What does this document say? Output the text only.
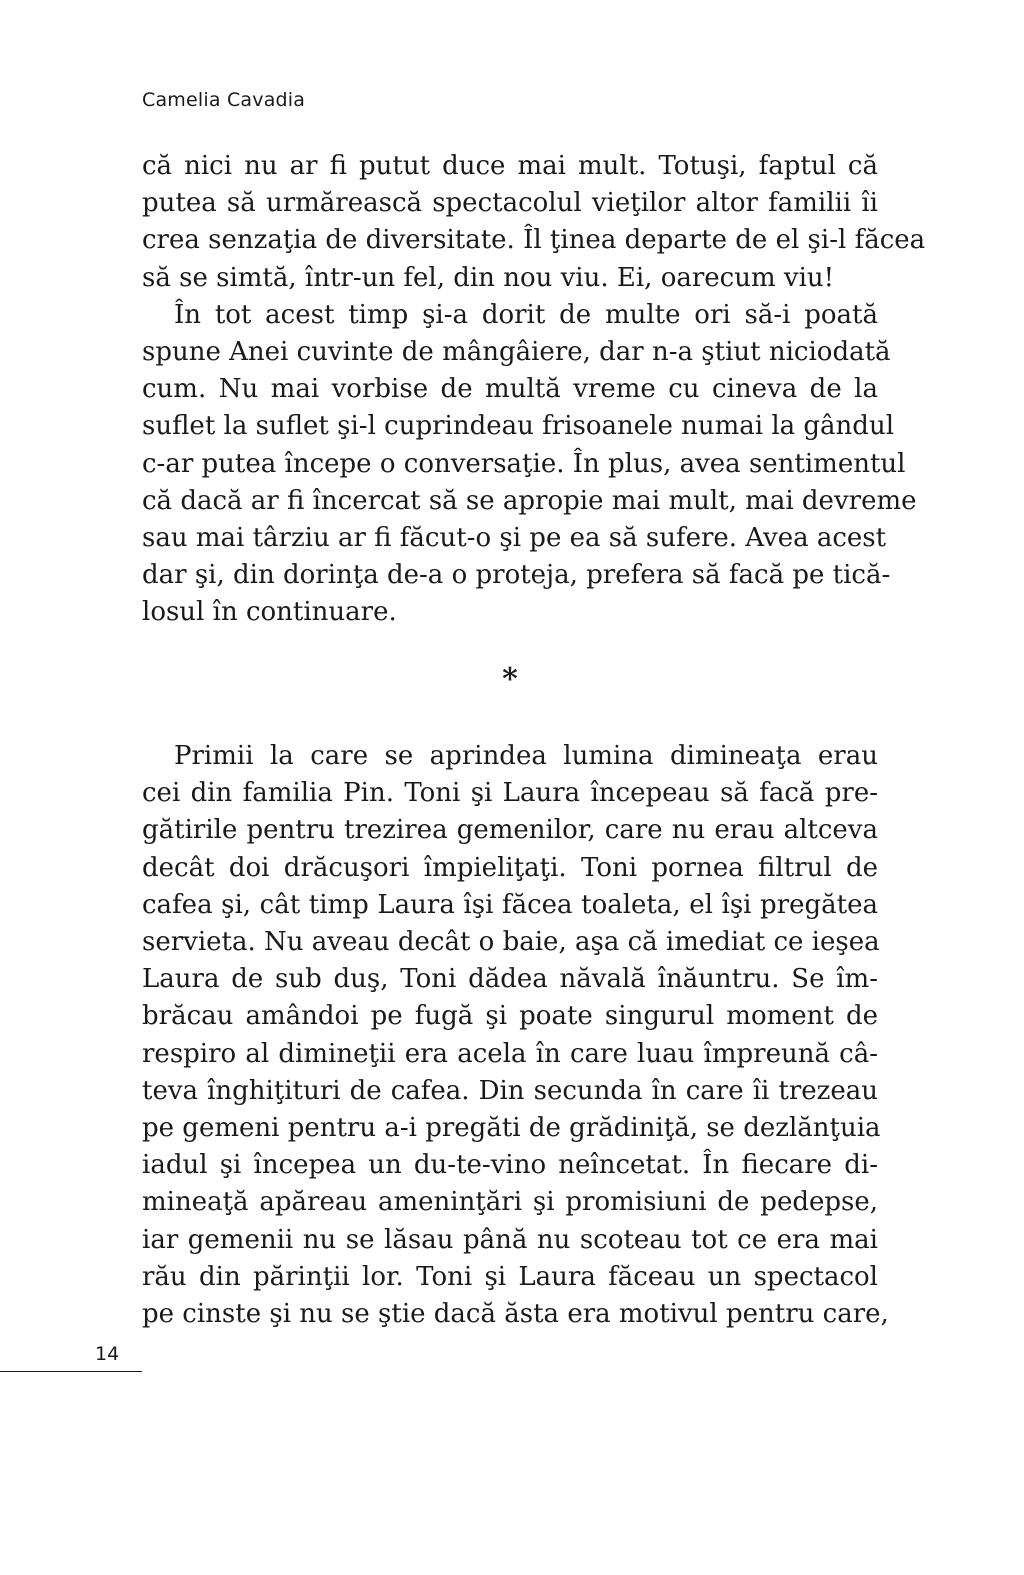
Camelia Cavadia
că nici nu ar fi putut duce mai mult. Totuşi, faptul că
putea să urmărească spectacolul vieţilor altor familii îi
crea senzaţia de diversitate. Îl ţinea departe de el şi-l făcea
să se simtă, într-un fel, din nou viu. Ei, oarecum viu!
În tot acest timp şi-a dorit de multe ori să-i poată
spune Anei cuvinte de mângâiere, dar n-a ştiut niciodată
cum. Nu mai vorbise de multă vreme cu cineva de la
suflet la suflet şi-l cuprindeau frisoanele numai la gândul
c-ar putea începe o conversaţie. În plus, avea sentimentul
că dacă ar fi încercat să se apropie mai mult, mai devreme
sau mai târziu ar fi făcut-o şi pe ea să sufere. Avea acest
dar şi, din dorinţa de-a o proteja, prefera să facă pe tică-
losul în continuare.
*
Primii la care se aprindea lumina dimineaţa erau
cei din familia Pin. Toni şi Laura începeau să facă pre-
gătirile pentru trezirea gemenilor, care nu erau altceva
decât doi drăcuşori împieliţaţi. Toni pornea filtrul de
cafea şi, cât timp Laura îşi făcea toaleta, el îşi pregătea
servieta. Nu aveau decât o baie, aşa că imediat ce ieşea
Laura de sub duş, Toni dădea năvală înăuntru. Se îm-
brăcau amândoi pe fugă şi poate singurul moment de
respiro al dimineţii era acela în care luau împreună câ-
teva înghiţituri de cafea. Din secunda în care îi trezeau
pe gemeni pentru a-i pregăti de grădiniţă, se dezlănţuia
iadul şi începea un du-te-vino neîncetat. În fiecare di-
mineaţă apăreau ameninţări şi promisiuni de pedepse,
iar gemenii nu se lăsau până nu scoteau tot ce era mai
rău din părinţii lor. Toni şi Laura făceau un spectacol
pe cinste şi nu se ştie dacă ăsta era motivul pentru care,
14
